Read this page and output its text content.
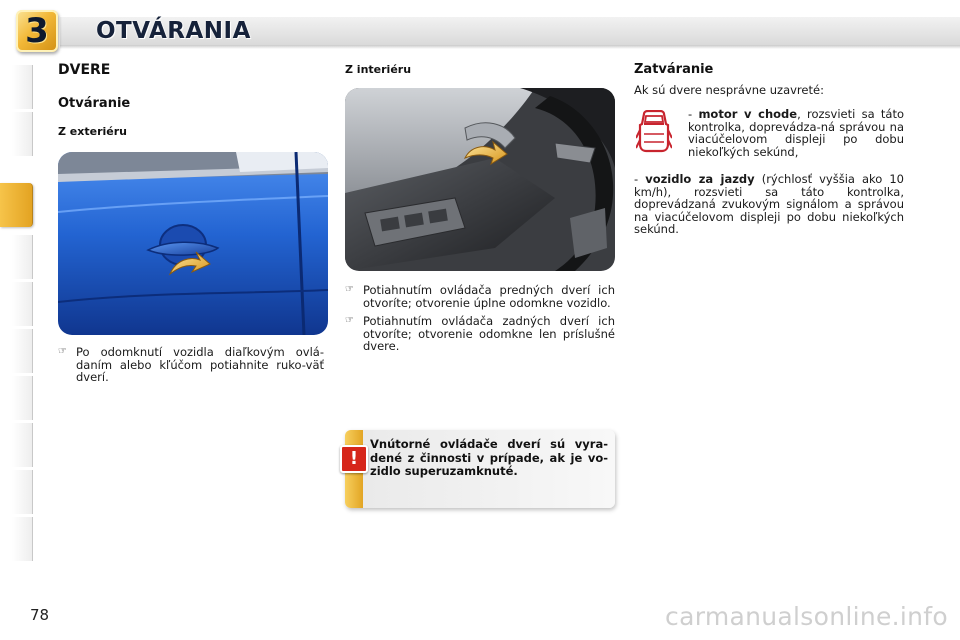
3	OTVÁRANIA
DVERE
Otváranie
Z exteriéru
☞ Po odomknutí vozidla diaľkovým ovlá-daním alebo kľúčom potiahnite ruko-väť dverí.
Z interiéru
☞ Potiahnutím ovládača predných dverí ich otvoríte; otvorenie úplne odomkne vozidlo.
☞ Potiahnutím ovládača zadných dverí ich otvoríte; otvorenie odomkne len príslušné dvere.
!
Vnútorné ovládače dverí sú vyra-dené z činnosti v prípade, ak je vo-zidlo superuzamknuté.
Zatváranie
Ak sú dvere nesprávne uzavreté:
- motor v chode, rozsvieti sa táto kontrolka, doprevádza-ná správou na viacúčelovom displeji po dobu niekoľkých sekúnd,
- vozidlo za jazdy (rýchlosť vyššia ako 10 km/h), rozsvieti sa táto kontrolka, doprevádzaná zvukovým signálom a správou na viacúčelovom displeji po dobu niekoľkých sekúnd.
78	carmanualsonline.info
